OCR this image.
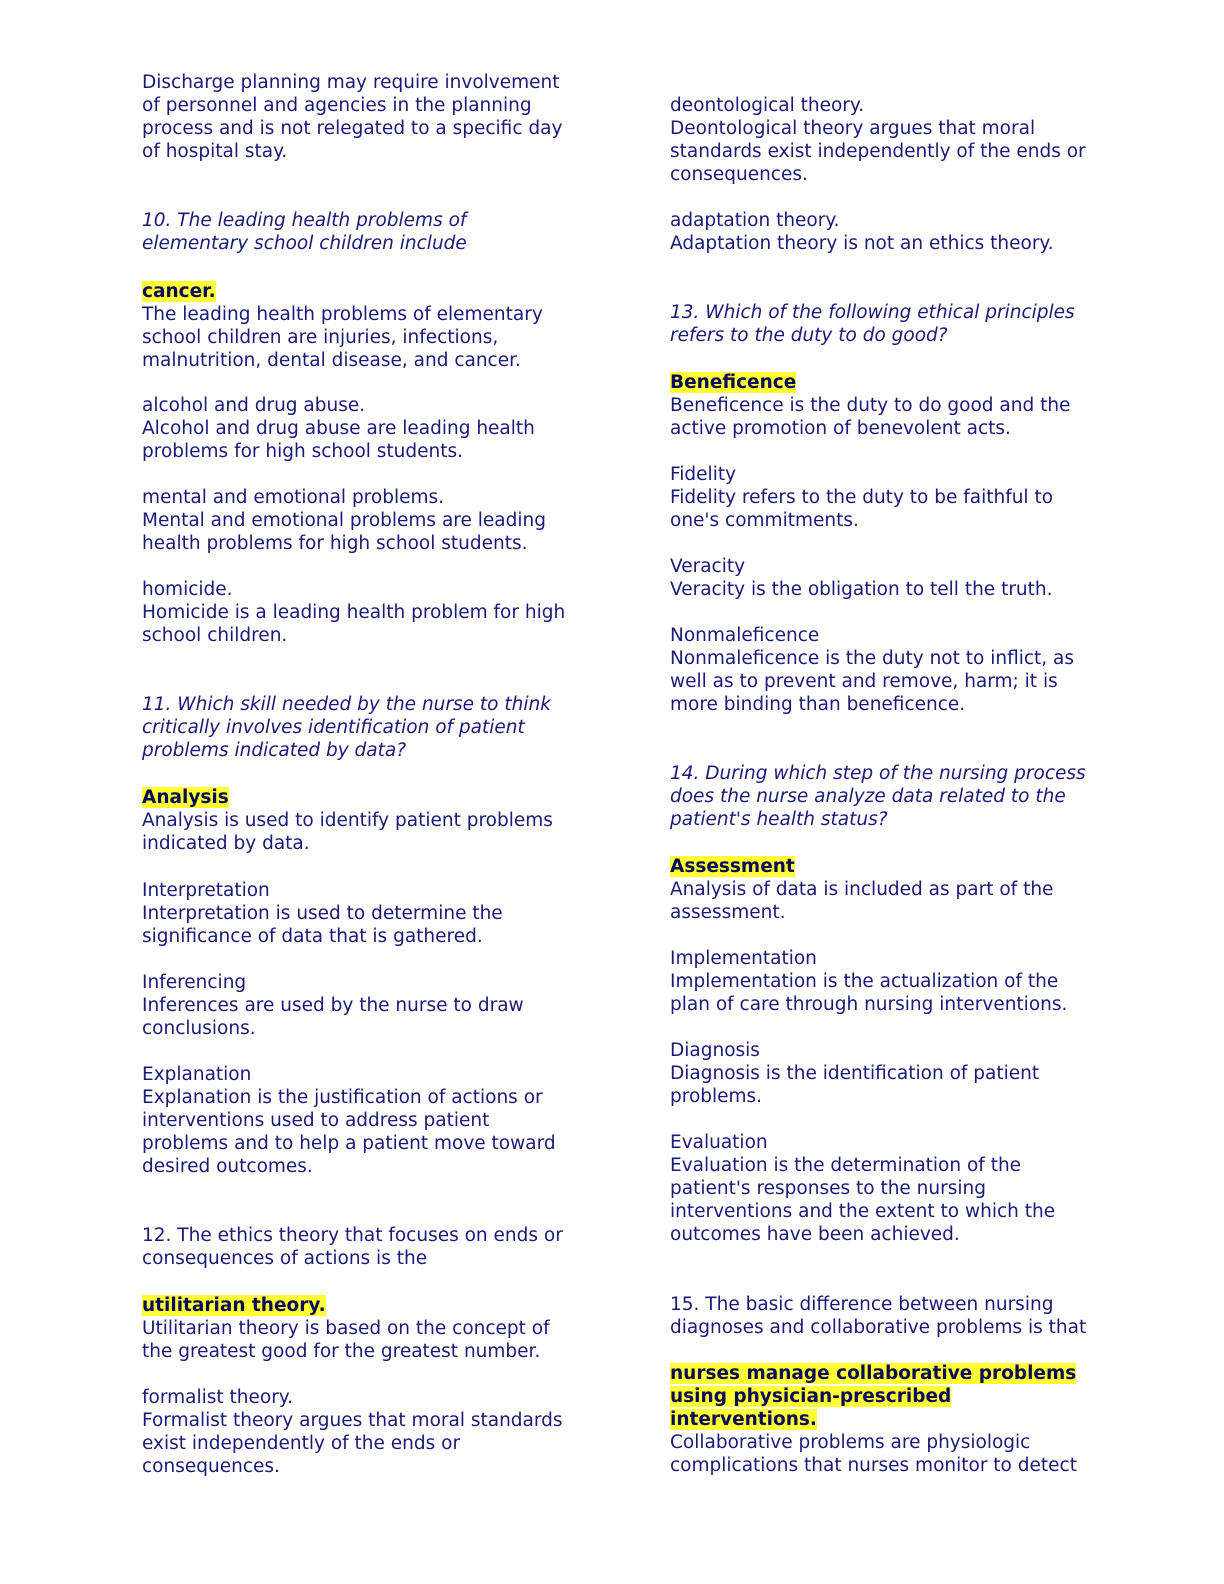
Discharge planning may require involvement

of personnel and agencies in the planning

process and is not relegated to a specific day

of hospital stay.

10. The leading health problems of

elementary school children include

cancer.

The leading health problems of elementary

school children are injuries, infections,

malnutrition, dental disease, and cancer.

alcohol and drug abuse.

Alcohol and drug abuse are leading health

problems for high school students.

mental and emotional problems.

Mental and emotional problems are leading

health problems for high school students.

homicide.

Homicide is a leading health problem for high

school children.

11. Which skill needed by the nurse to think

critically involves identification of patient

problems indicated by data?

Analysis

Analysis is used to identify patient problems

indicated by data.

Interpretation

Interpretation is used to determine the

significance of data that is gathered.

Inferencing

Inferences are used by the nurse to draw

conclusions.

Explanation

Explanation is the justification of actions or

interventions used to address patient

problems and to help a patient move toward

desired outcomes.

12. The ethics theory that focuses on ends or

consequences of actions is the

utilitarian theory.

Utilitarian theory is based on the concept of

the greatest good for the greatest number.

formalist theory.

Formalist theory argues that moral standards

exist independently of the ends or

consequences.

deontological theory.

Deontological theory argues that moral

standards exist independently of the ends or

consequences.

adaptation theory.

Adaptation theory is not an ethics theory.

13. Which of the following ethical principles

refers to the duty to do good?

Beneficence

Beneficence is the duty to do good and the

active promotion of benevolent acts.

Fidelity

Fidelity refers to the duty to be faithful to

one's commitments.

Veracity

Veracity is the obligation to tell the truth.

Nonmaleficence

Nonmaleficence is the duty not to inflict, as

well as to prevent and remove, harm; it is

more binding than beneficence.

14. During which step of the nursing process

does the nurse analyze data related to the

patient's health status?

Assessment

Analysis of data is included as part of the

assessment.

Implementation

Implementation is the actualization of the

plan of care through nursing interventions.

Diagnosis

Diagnosis is the identification of patient

problems.

Evaluation

Evaluation is the determination of the

patient's responses to the nursing

interventions and the extent to which the

outcomes have been achieved.

15. The basic difference between nursing

diagnoses and collaborative problems is that

nurses manage collaborative problems

using physician-prescribed

interventions.

Collaborative problems are physiologic

complications that nurses monitor to detect
